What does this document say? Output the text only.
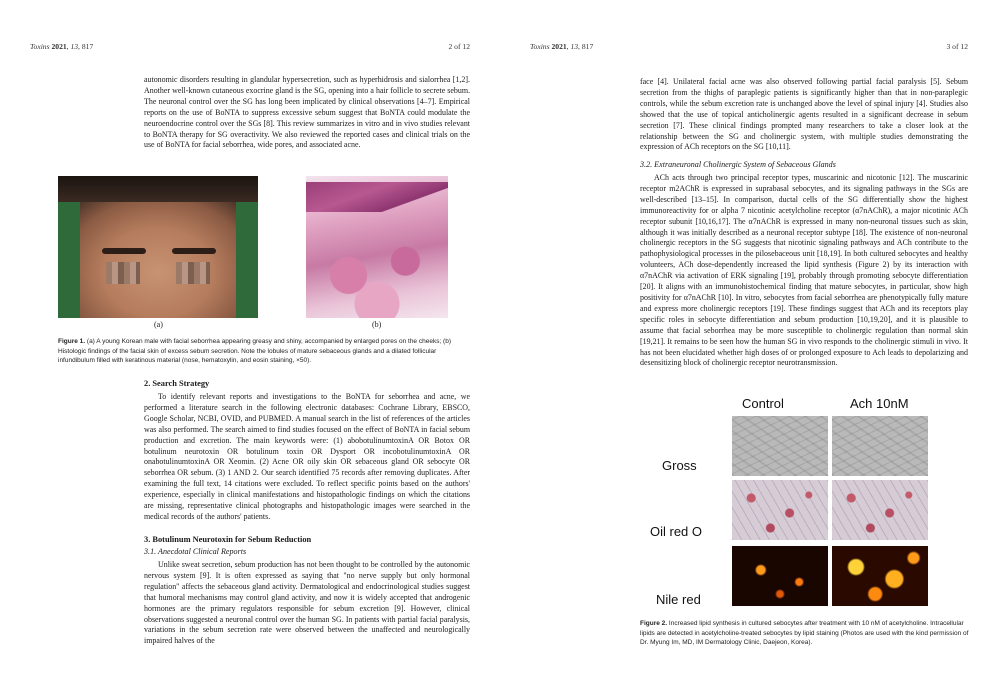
Toxins 2021, 13, 817	2 of 12

autonomic disorders resulting in glandular hypersecretion, such as hyperhidrosis and sialorrhea [1,2]. Another well-known cutaneous exocrine gland is the SG, opening into a hair follicle to secrete sebum. The neuronal control over the SG has long been implicated by clinical observations [4–7]. Empirical reports on the use of BoNTA to suppress excessive sebum suggest that BoNTA could modulate the neuroendocrine control over the SGs [8]. This review summarizes in vitro and in vivo studies relevant to BoNTA therapy for SG overactivity. We also reviewed the reported cases and clinical trials on the use of BoNTA for facial seborrhea, wide pores, and associated acne.

(a)	(b)
Figure 1. (a) A young Korean male with facial seborrhea appearing greasy and shiny, accompanied by enlarged pores on the cheeks; (b) Histologic findings of the facial skin of excess sebum secretion. Note the lobules of mature sebaceous glands and a dilated follicular infundibulum filled with keratinous material (nose, hematoxylin, and eosin staining, ×50).
2. Search Strategy

To identify relevant reports and investigations to the BoNTA for seborrhea and acne, we performed a literature search in the following electronic databases: Cochrane Library, EBSCO, Google Scholar, NCBI, OVID, and PUBMED. A manual search in the list of references of the articles was also performed. The search aimed to find studies focused on the effect of BoNTA in facial sebum production and excretion. The main keywords were: (1) abobotulinumtoxinA OR Botox OR botulinum neurotoxin OR botulinum toxin OR Dysport OR incobotulinumtoxinA OR onabotulinumtoxinA OR Xeomin. (2) Acne OR oily skin OR sebaceous gland OR sebocyte OR seborrhea OR sebum. (3) 1 AND 2. Our search identified 75 records after removing duplicates. After examining the full text, 14 citations were excluded. To reflect specific points based on the authors' experience, especially in clinical manifestations and histopathologic findings on which the citations are missing, representative clinical photographs and histopathologic images were searched in the medical records of the authors' patients.

3. Botulinum Neurotoxin for Sebum Reduction
3.1. Anecdotal Clinical Reports

Unlike sweat secretion, sebum production has not been thought to be controlled by the autonomic nervous system [9]. It is often expressed as saying that "no nerve supply but only hormonal regulation" affects the sebaceous gland activity. Dermatological and endocrinological studies suggest that humoral mechanisms may control gland activity, and now it is widely accepted that androgenic hormones are the primary regulators responsible for sebum excretion [9]. However, clinical observations suggested a neuronal control over the human SG. In patients with partial facial paralysis, variations in the sebum secretion rate were observed between the unaffected and neurologically impaired halves of the

Toxins 2021, 13, 817	3 of 12

face [4]. Unilateral facial acne was also observed following partial facial paralysis [5]. Sebum secretion from the thighs of paraplegic patients is significantly higher than that in non-paraplegic controls, while the sebum excretion rate is unchanged above the level of spinal injury [4]. Studies also showed that the use of topical anticholinergic agents resulted in a significant decrease in sebum secretion [7]. These clinical findings prompted many researchers to take a closer look at the relationship between the SG and cholinergic system, with multiple studies demonstrating the expression of ACh receptors on the SG [10,11].

3.2. Extraneuronal Cholinergic System of Sebaceous Glands

ACh acts through two principal receptor types, muscarinic and nicotonic [12]. The muscarinic receptor m2AChR is expressed in suprabasal sebocytes, and its signaling pathways in the SGs are well-described [13–15]. In comparison, ductal cells of the SG differentially show the highest immunoreactivity for or alpha 7 nicotinic acetylcholine receptor (α7nAChR), a major nicotinic ACh receptor subunit [10,16,17]. The α7nAChR is expressed in many non-neuronal tissues such as skin, although it was initially described as a neuronal receptor subtype [18]. The existence of non-neuronal cholinergic receptors in the SG suggests that nicotinic signaling pathways and ACh contribute to the pathophysiological processes in the pilosebaceous unit [18,19]. In both cultured sebocytes and healthy volunteers, ACh dose-dependently increased the lipid synthesis (Figure 2) by its interaction with α7nAChR via activation of ERK signaling [19], probably through promoting sebocyte differentiation [20]. It aligns with an immunohistochemical finding that mature sebocytes, in particular, show high positivity for α7nAChR [10]. In vitro, sebocytes from facial seborrhea are phenotypically fully mature and express more cholinergic receptors [19]. These findings suggest that ACh and its receptors play specific roles in sebocyte differentiation and sebum production [10,19,20], and it is plausible to assume that facial seborrhea may be more susceptible to cholinergic regulation than normal skin [19,21]. It remains to be seen how the human SG in vivo responds to the cholinergic stimuli in vivo. It has not been elucidated whether high doses of or prolonged exposure to Ach leads to depolarizing and desensitizing block of cholinergic receptor neurotransmission.

Control	Ach 10nM
Gross
Oil red O
Nile red
Figure 2. Increased lipid synthesis in cultured sebocytes after treatment with 10 nM of acetylcholine. Intracellular lipids are detected in acetylcholine-treated sebocytes by lipid staining (Photos are used with the kind permission of Dr. Myung Im, MD, IM Dermatology Clinic, Daejeon, Korea).
